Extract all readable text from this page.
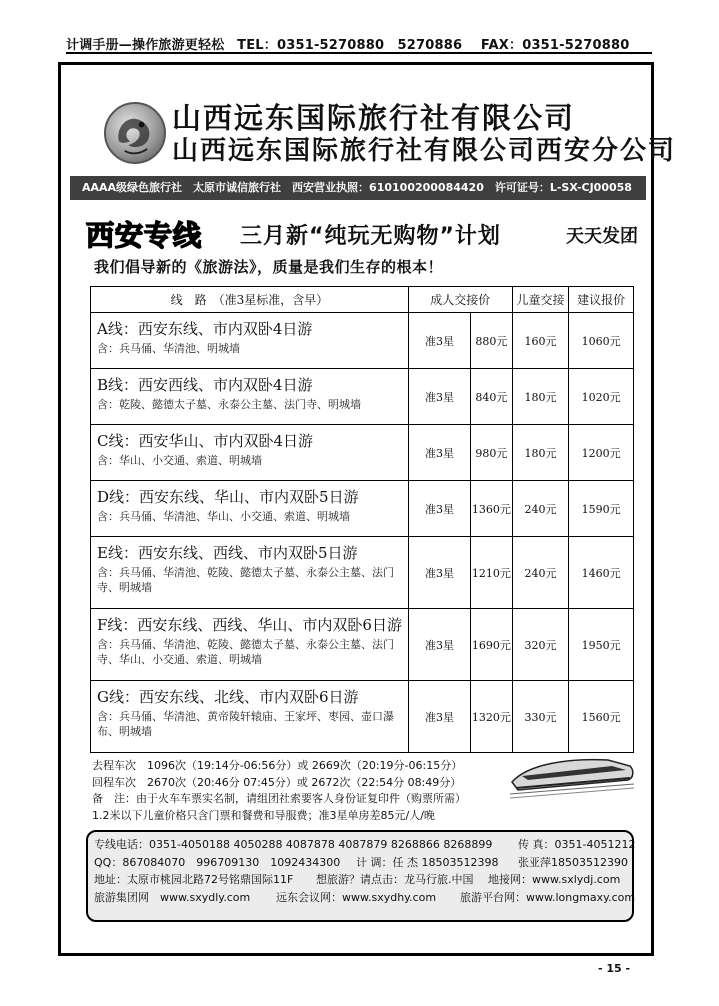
计调手册—操作旅游更轻松 TEL：0351-5270880　5270886 FAX：0351-5270880
山西远东国际旅行社有限公司
山西远东国际旅行社有限公司西安分公司
AAAA级绿色旅行社　太原市诚信旅行社　西安营业执照：610100200084420　许可证号：L-SX-CJ00058
西安专线 三月新“纯玩无购物”计划	天天发团
我们倡导新的《旅游法》，质量是我们生存的根本！
线　路　（准3星标准，含早）	成人交接价		儿童交接	建议报价

A线：西安东线、市内双卧4日游
含：兵马俑、华清池、明城墙	准3星	880元	160元	1060元

B线：西安西线、市内双卧4日游
含：乾陵、懿德太子墓、永泰公主墓、法门寺、明城墙	准3星	840元	180元	1020元

C线：西安华山、市内双卧4日游
含：华山、小交通、索道、明城墙	准3星	980元	180元	1200元

D线：西安东线、华山、市内双卧5日游
含：兵马俑、华清池、华山、小交通、索道、明城墙	准3星	1360元	240元	1590元

E线：西安东线、西线、市内双卧5日游
含：兵马俑、华清池、乾陵、懿德太子墓、永泰公主墓、法门寺、明城墙	准3星	1210元	240元	1460元

F线：西安东线、西线、华山、市内双卧6日游
含：兵马俑、华清池、乾陵、懿德太子墓、永泰公主墓、法门寺、华山、小交通、索道、明城墙	准3星	1690元	320元	1950元

G线：西安东线、北线、市内双卧6日游
含：兵马俑、华清池、黄帝陵轩辕庙、王家坪、枣园、壶口瀑布、明城墙	准3星	1320元	330元	1560元
去程车次　1096次（19:14分-06:56分）或 2669次（20:19分-06:15分）
回程车次　2670次（20:46分 07:45分）或 2672次（22:54分 08:49分）
备　注：由于火车车票实名制，请组团社索要客人身份证复印件（购票所需）
1.2米以下儿童价格只含门票和餐费和导服费；准3星单房差85元/人/晚
专线电话：0351-4050188 4050288 4087878 4087879 8268866 8268899 传 真：0351-4051212
QQ：867084070　996709130　1092434300 计 调：任 杰 18503512398 张亚萍18503512390
地址：太原市桃园北路72号铭鼎国际11F 想旅游？请点击：龙马行旅.中国 地接网：www.sxlydj.com
旅游集团网　www.sxydly.com 远东会议网：www.sxydhy.com 旅游平台网：www.longmaxy.com
- 15 -
